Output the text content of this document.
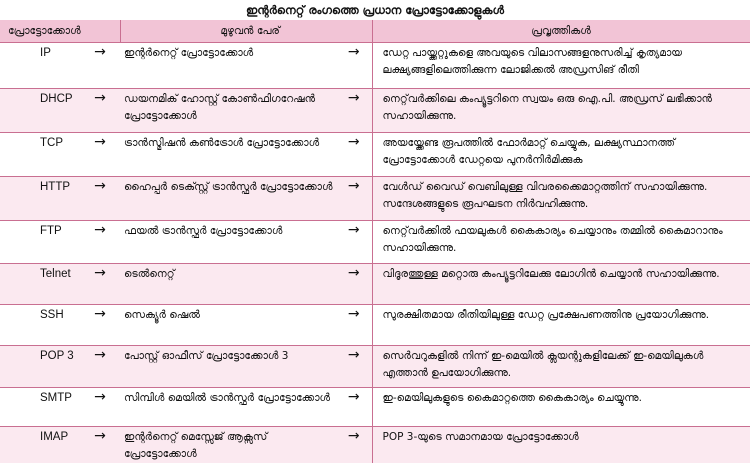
ഇന്റർനെറ്റ് രംഗത്തെ പ്രധാന പ്രോട്ടോക്കോളുകൾ
പ്രോട്ടോക്കോൾ		മുഴുവൻ പേര്		പ്രവൃത്തികൾ
IP	→	ഇന്റർനെറ്റ് പ്രോട്ടോക്കോൾ	→	ഡേറ്റ പായ്ക്കറ്റുകളെ അവയുടെ വിലാസങ്ങളനുസരിച്ച് കൃത്യമായ ലക്ഷ്യങ്ങളിലെത്തിക്കുന്ന ലോജിക്കൽ അഡ്രസിങ് രീതി
DHCP	→	ഡയനമിക് ഹോസ്റ്റ് കോൺഫിഗറേഷൻ പ്രോട്ടോക്കോൾ	→	നെറ്റ്‌വർക്കിലെ കംപ്യൂട്ടറിനെ സ്വയം ഒരു ഐ.പി. അഡ്രസ് ലഭിക്കാൻ സഹായിക്കുന്നു.
TCP	→	ട്രാൻസ്മിഷൻ കൺട്രോൾ പ്രോട്ടോക്കോൾ	→	അയയ്ക്കേണ്ട രൂപത്തിൽ ഫോർമാറ്റ് ചെയ്യുക, ലക്ഷ്യസ്ഥാനത്ത് പ്രോട്ടോക്കോൾ ഡേറ്റയെ പുനർനിർമിക്കുക
HTTP	→	ഹൈപ്പർ ടെക്സ്റ്റ് ട്രാൻസ്ഫർ പ്രോട്ടോക്കോൾ	→	വേൾഡ് വൈഡ് വെബിലുള്ള വിവരക്കൈമാറ്റത്തിന് സഹായിക്കുന്നു. സന്ദേശങ്ങളുടെ രൂപഘടന നിർവഹിക്കുന്നു.
FTP	→	ഫയൽ ട്രാൻസ്ഫർ പ്രോട്ടോക്കോൾ	→	നെറ്റ്‌വർക്കിൽ ഫയലുകൾ കൈകാര്യം ചെയ്യാനും തമ്മിൽ കൈമാറാനും സഹായിക്കുന്നു.
Telnet	→	ടെൽനെറ്റ്	→	വിദൂരത്തുള്ള മറ്റൊരു കംപ്യൂട്ടറിലേക്കു ലോഗിൻ ചെയ്യാൻ സഹായിക്കുന്നു.
SSH	→	സെക്യൂർ ഷെൽ	→	സുരക്ഷിതമായ രീതിയിലുള്ള ഡേറ്റ പ്രക്ഷേപണത്തിനു പ്രയോഗിക്കുന്നു.
POP 3	→	പോസ്റ്റ് ഓഫീസ് പ്രോട്ടോക്കോൾ 3	→	സെർവറുകളിൽ നിന്ന് ഇ-മെയിൽ ക്ലയന്റുകളിലേക്ക് ഇ-മെയിലുകൾ എത്താൻ ഉപയോഗിക്കുന്നു.
SMTP	→	സിമ്പിൾ മെയിൽ ട്രാൻസ്ഫർ പ്രോട്ടോക്കോൾ	→	ഇ-മെയിലുകളുടെ കൈമാറ്റത്തെ കൈകാര്യം ചെയ്യുന്നു.
IMAP	→	ഇന്റർനെറ്റ് മെസ്സേജ് ആക്സസ് പ്രോട്ടോക്കോൾ	→	POP 3-യുടെ സമാനമായ പ്രോട്ടോക്കോൾ
